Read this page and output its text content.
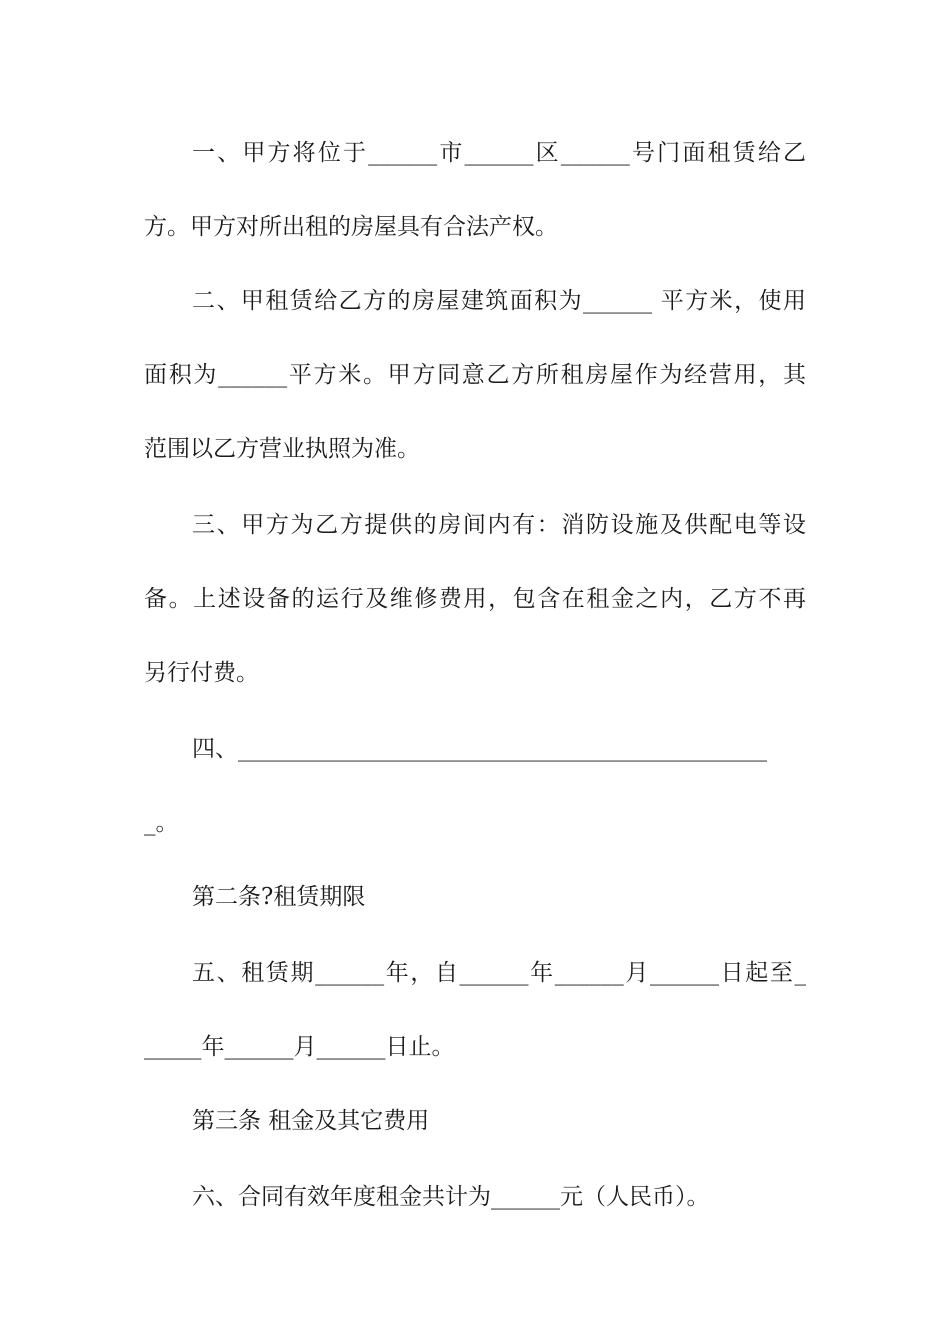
一、甲方将位于______市______区______号门面租赁给乙
方。甲方对所出租的房屋具有合法产权。
二、甲租赁给乙方的房屋建筑面积为______ 平方米，使用
面积为______平方米。甲方同意乙方所租房屋作为经营用，其
范围以乙方营业执照为准。
三、甲方为乙方提供的房间内有：消防设施及供配电等设
备。上述设备的运行及维修费用，包含在租金之内，乙方不再
另行付费。
四、______________________________________________
_。
第二条?租赁期限
五、租赁期______年，自______年______月______日起至_
_____年______月______日止。
第三条 租金及其它费用
六、合同有效年度租金共计为______元（人民币）。
